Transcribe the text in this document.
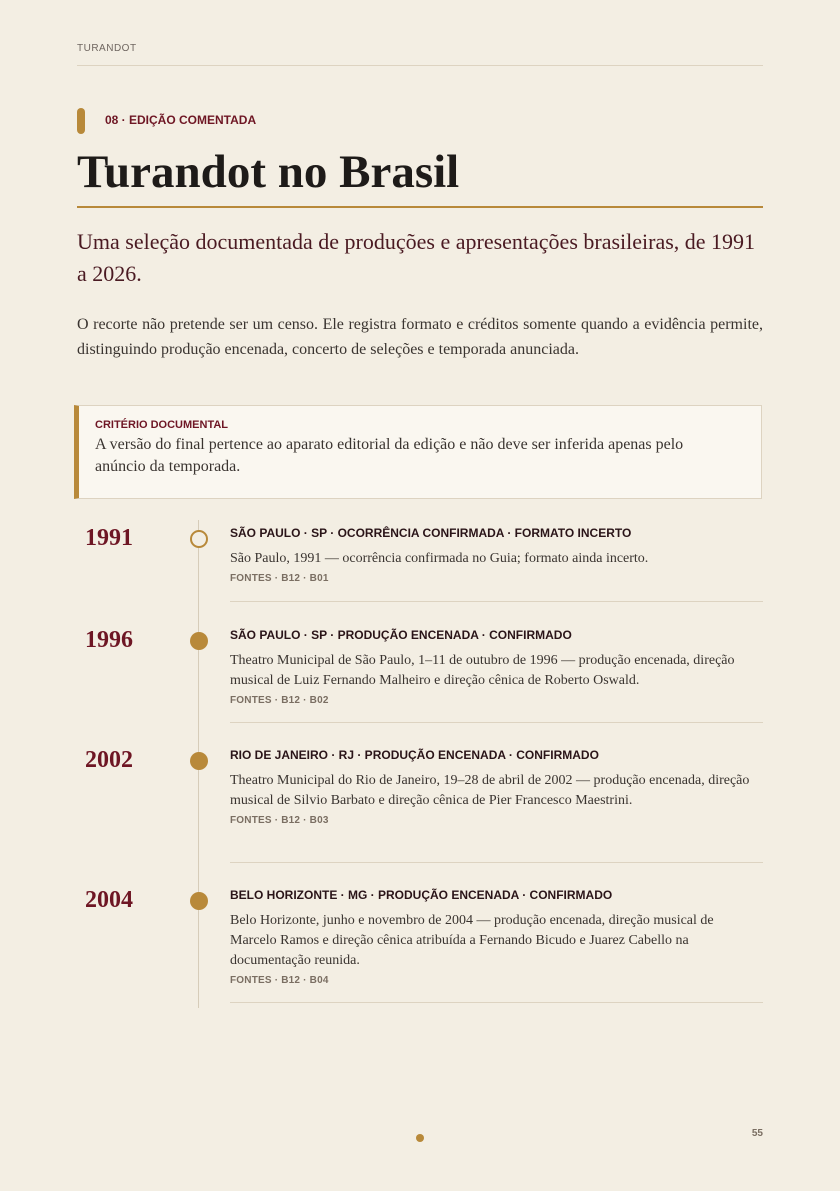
TURANDOT
08 · EDIÇÃO COMENTADA
Turandot no Brasil
Uma seleção documentada de produções e apresentações brasileiras, de 1991 a 2026.
O recorte não pretende ser um censo. Ele registra formato e créditos somente quando a evidência permite, distinguindo produção encenada, concerto de seleções e temporada anunciada.
CRITÉRIO DOCUMENTAL
A versão do final pertence ao aparato editorial da edição e não deve ser inferida apenas pelo anúncio da temporada.
1991	SÃO PAULO · SP · OCORRÊNCIA CONFIRMADA · FORMATO INCERTO
São Paulo, 1991 — ocorrência confirmada no Guia; formato ainda incerto.
FONTES · B12 · B01
1996	SÃO PAULO · SP · PRODUÇÃO ENCENADA · CONFIRMADO
Theatro Municipal de São Paulo, 1–11 de outubro de 1996 — produção encenada, direção musical de Luiz Fernando Malheiro e direção cênica de Roberto Oswald.
FONTES · B12 · B02
2002	RIO DE JANEIRO · RJ · PRODUÇÃO ENCENADA · CONFIRMADO
Theatro Municipal do Rio de Janeiro, 19–28 de abril de 2002 — produção encenada, direção musical de Silvio Barbato e direção cênica de Pier Francesco Maestrini.
FONTES · B12 · B03
2004	BELO HORIZONTE · MG · PRODUÇÃO ENCENADA · CONFIRMADO
Belo Horizonte, junho e novembro de 2004 — produção encenada, direção musical de Marcelo Ramos e direção cênica atribuída a Fernando Bicudo e Juarez Cabello na documentação reunida.
FONTES · B12 · B04
55
